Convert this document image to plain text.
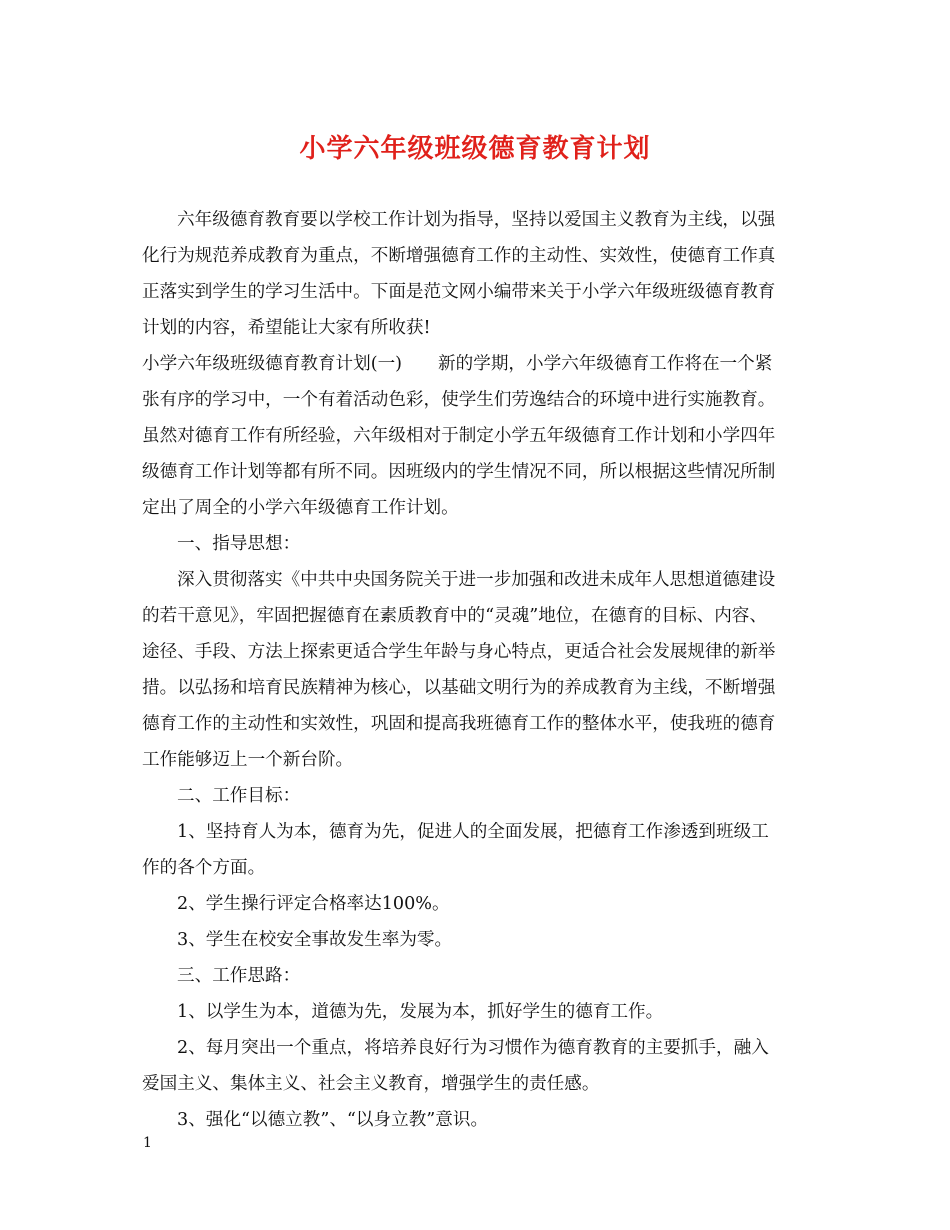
小学六年级班级德育教育计划
六年级德育教育要以学校工作计划为指导，坚持以爱国主义教育为主线，以强
化行为规范养成教育为重点，不断增强德育工作的主动性、实效性，使德育工作真
正落实到学生的学习生活中。下面是范文网小编带来关于小学六年级班级德育教育
计划的内容，希望能让大家有所收获!
小学六年级班级德育教育计划(一) 新的学期，小学六年级德育工作将在一个紧
张有序的学习中，一个有着活动色彩，使学生们劳逸结合的环境中进行实施教育。
虽然对德育工作有所经验，六年级相对于制定小学五年级德育工作计划和小学四年
级德育工作计划等都有所不同。因班级内的学生情况不同，所以根据这些情况所制
定出了周全的小学六年级德育工作计划。
一、指导思想：
深入贯彻落实《中共中央国务院关于进一步加强和改进未成年人思想道德建设
的若干意见》，牢固把握德育在素质教育中的“灵魂”地位，在德育的目标、内容、
途径、手段、方法上探索更适合学生年龄与身心特点，更适合社会发展规律的新举
措。以弘扬和培育民族精神为核心，以基础文明行为的养成教育为主线，不断增强
德育工作的主动性和实效性，巩固和提高我班德育工作的整体水平，使我班的德育
工作能够迈上一个新台阶。
二、工作目标：
1、坚持育人为本，德育为先，促进人的全面发展，把德育工作渗透到班级工
作的各个方面。
2、学生操行评定合格率达100%。
3、学生在校安全事故发生率为零。
三、工作思路：
1、以学生为本，道德为先，发展为本，抓好学生的德育工作。
2、每月突出一个重点，将培养良好行为习惯作为德育教育的主要抓手，融入
爱国主义、集体主义、社会主义教育，增强学生的责任感。
3、强化“以德立教”、“以身立教”意识。
1
